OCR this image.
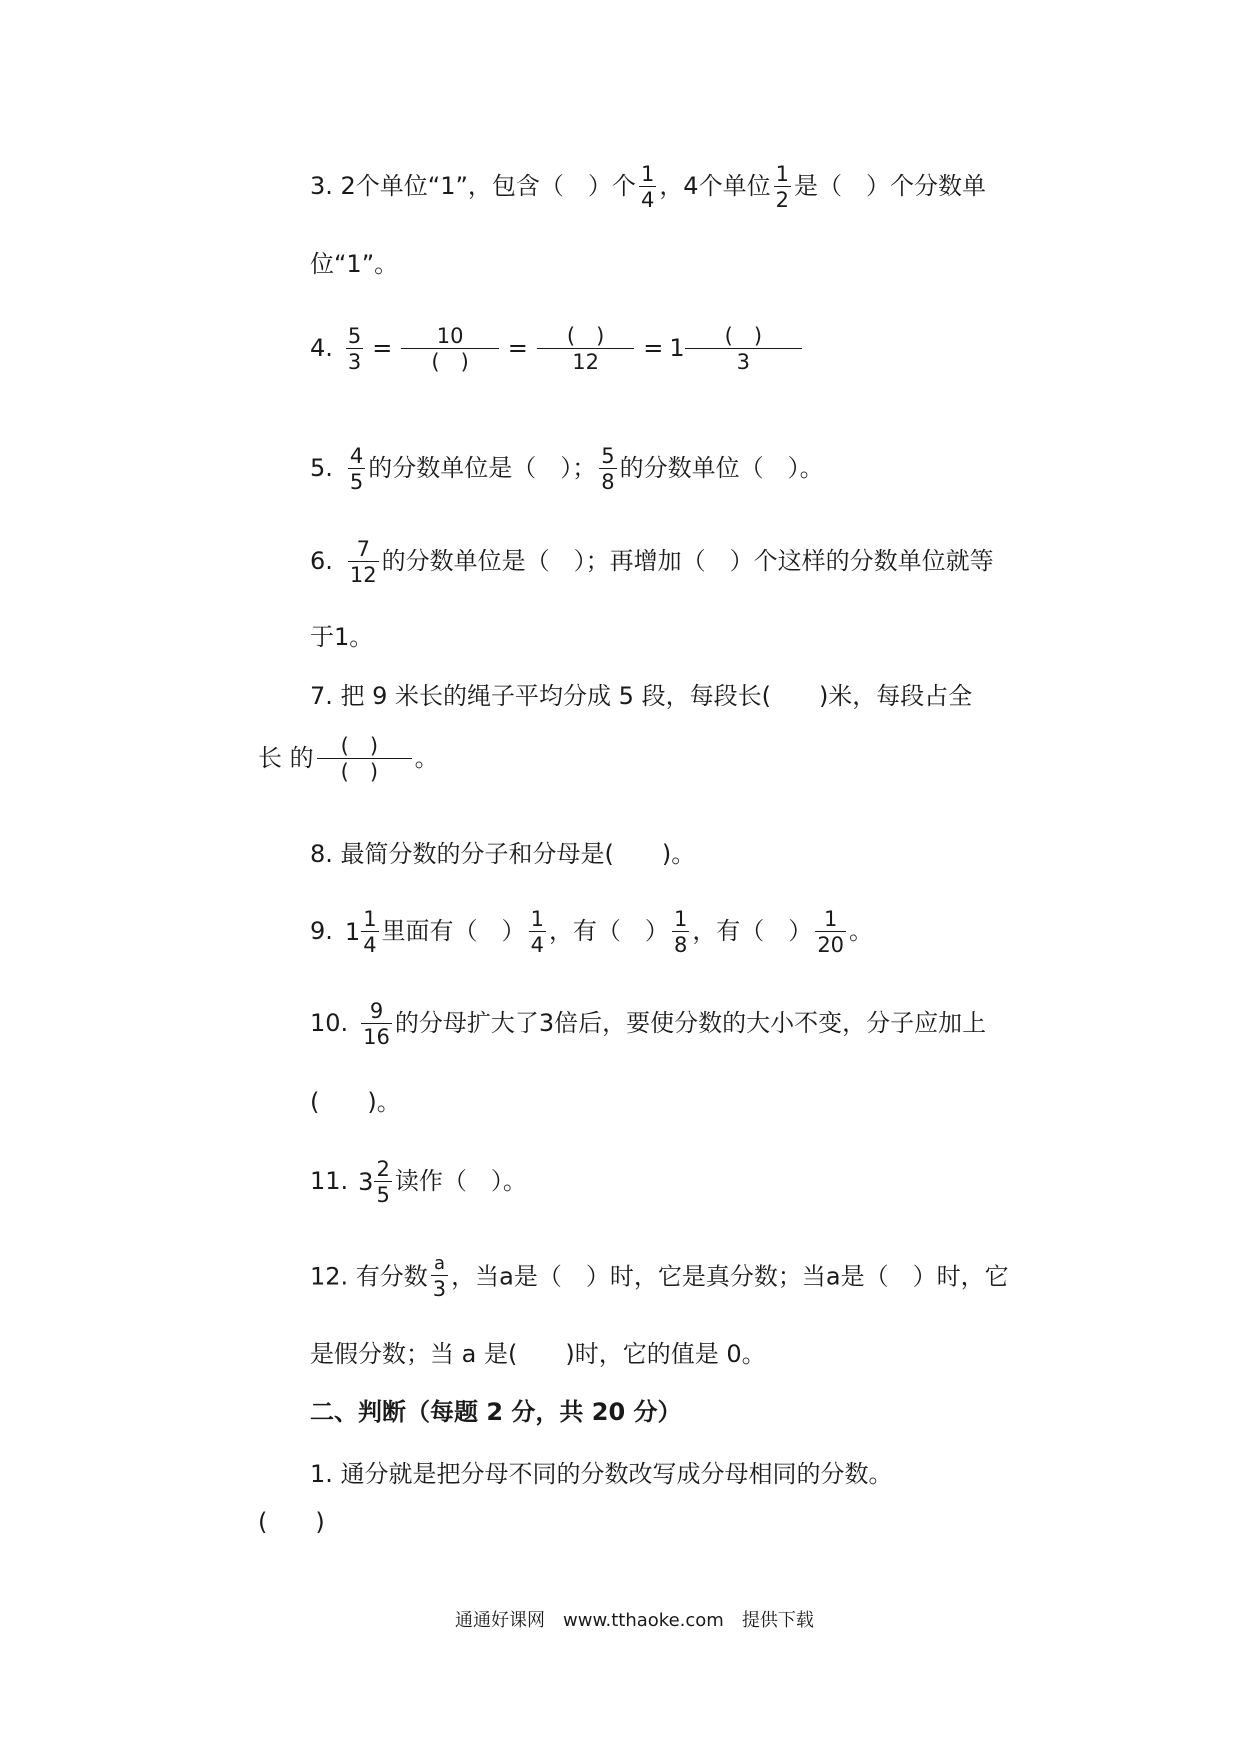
3. 2个单位“1”，包含（　）个 $\frac{1}{4}$ ，4个单位 $\frac{1}{2}$ 是（　）个分数单
位“1”。
4. $\frac{5}{3} = \frac{10}{( )} = \frac{( )}{12} = 1 \frac{( )}{3}$
5. $\frac{4}{5}$ 的分数单位是（　）； $\frac{5}{8}$ 的分数单位（　）。
6. $\frac{7}{12}$ 的分数单位是（　）；再增加（　）个这样的分数单位就等
于1。
7. 把 9 米长的绳子平均分成 5 段，每段长(　　)米，每段占全
长 的 $\frac{( )}{( )}$ 。
8. 最简分数的分子和分母是(　　)。
9. $1 \frac{1}{4}$ 里面有（　） $\frac{1}{4}$ ，有（　） $\frac{1}{8}$ ，有（　） $\frac{1}{20}$ 。
10. $\frac{9}{16}$ 的分母扩大了3倍后，要使分数的大小不变，分子应加上
(　　)。
11. $3 \frac{2}{5}$ 读作（　）。
12. 有分数 $\frac{a}{3}$ ，当a是（　）时，它是真分数；当a是（　）时，它
是假分数；当 a 是(　　)时，它的值是 0。
二、判断（每题 2 分，共 20 分）
1. 通分就是把分母不同的分数改写成分母相同的分数。
(　　)
通通好课网　www.tthaoke.com　提供下载
